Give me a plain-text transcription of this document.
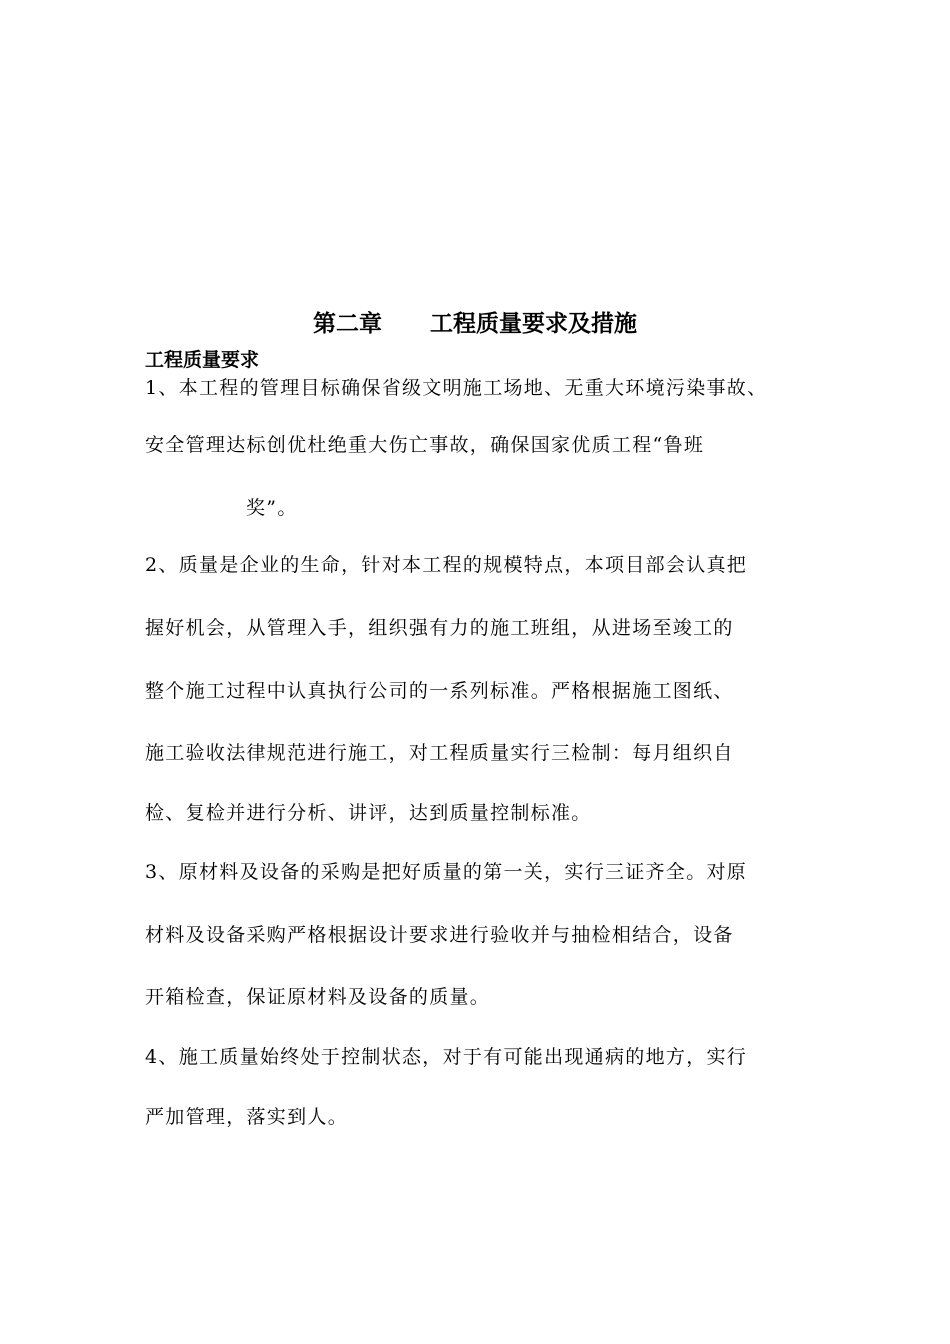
第二章      工程质量要求及措施
工程质量要求
1、本工程的管理目标确保省级文明施工场地、无重大环境污染事故、
安全管理达标创优杜绝重大伤亡事故，确保国家优质工程“鲁班
奖”。
2、质量是企业的生命，针对本工程的规模特点，本项目部会认真把
握好机会，从管理入手，组织强有力的施工班组，从进场至竣工的
整个施工过程中认真执行公司的一系列标准。严格根据施工图纸、
施工验收法律规范进行施工，对工程质量实行三检制：每月组织自
检、复检并进行分析、讲评，达到质量控制标准。
3、原材料及设备的采购是把好质量的第一关，实行三证齐全。对原
材料及设备采购严格根据设计要求进行验收并与抽检相结合，设备
开箱检查，保证原材料及设备的质量。
4、施工质量始终处于控制状态，对于有可能出现通病的地方，实行
严加管理，落实到人。
